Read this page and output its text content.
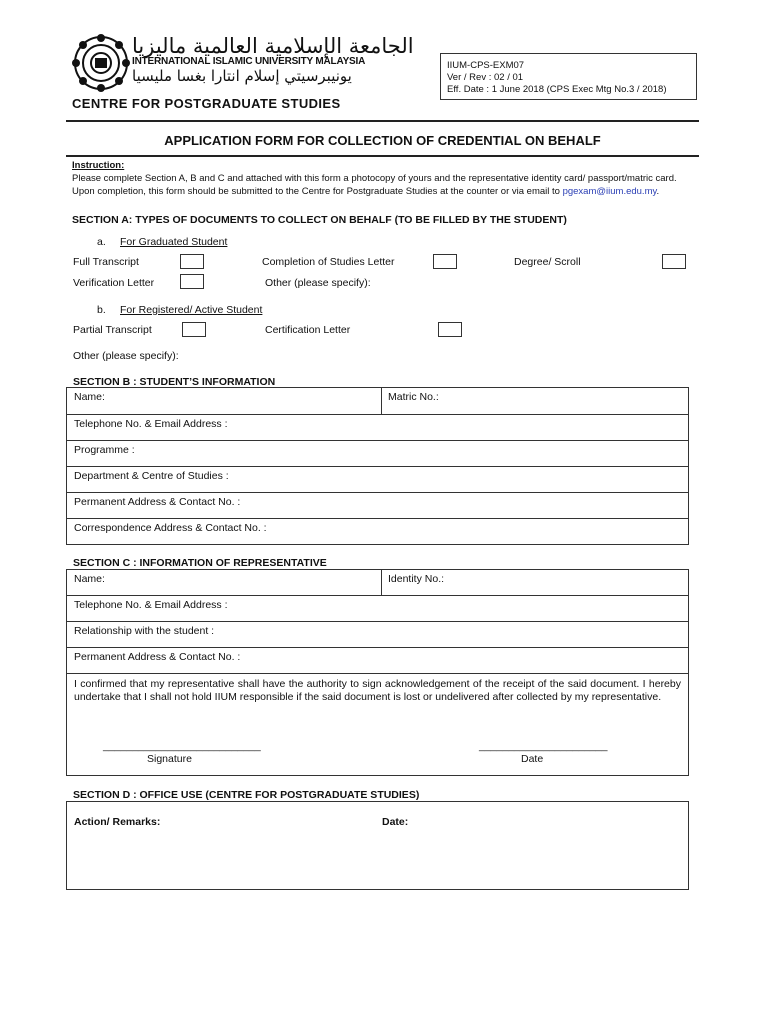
الجامعة الإسلامية العالمية ماليزيا
INTERNATIONAL ISLAMIC UNIVERSITY MALAYSIA
يونيبرسيتي إسلام انتارا بغسا مليسيا
CENTRE FOR POSTGRADUATE STUDIES
IIUM-CPS-EXM07
Ver / Rev : 02 / 01
Eff. Date : 1 June 2018 (CPS Exec Mtg No.3 / 2018)
APPLICATION FORM FOR COLLECTION OF CREDENTIAL ON BEHALF
Instruction:
Please complete Section A, B and C and attached with this form a photocopy of yours and the representative identity card/ passport/matric card. Upon completion, this form should be submitted to the Centre for Postgraduate Studies at the counter or via email to pgexam@iium.edu.my.
SECTION A: TYPES OF DOCUMENTS TO COLLECT ON BEHALF (TO BE FILLED BY THE STUDENT)
a. For Graduated Student
Full Transcript	Completion of Studies Letter	Degree/ Scroll
Verification Letter	Other (please specify):
b. For Registered/ Active Student
Partial Transcript	Certification Letter
Other (please specify):
SECTION B : STUDENT’S INFORMATION
Name:	Matric No.:
Telephone No. & Email Address :
Programme :
Department & Centre of Studies :
Permanent Address & Contact No. :
Correspondence Address & Contact No. :
SECTION C : INFORMATION OF REPRESENTATIVE
Name:	Identity No.:
Telephone No. & Email Address :
Relationship with the student :
Permanent Address & Contact No. :
I confirmed that my representative shall have the authority to sign acknowledgement of the receipt of the said document. I hereby undertake that I shall not hold IIUM responsible if the said document is lost or undelivered after collected by my representative.
___________________________
Signature
______________________
Date
SECTION D : OFFICE USE (CENTRE FOR POSTGRADUATE STUDIES)
Action/ Remarks:	Date:
